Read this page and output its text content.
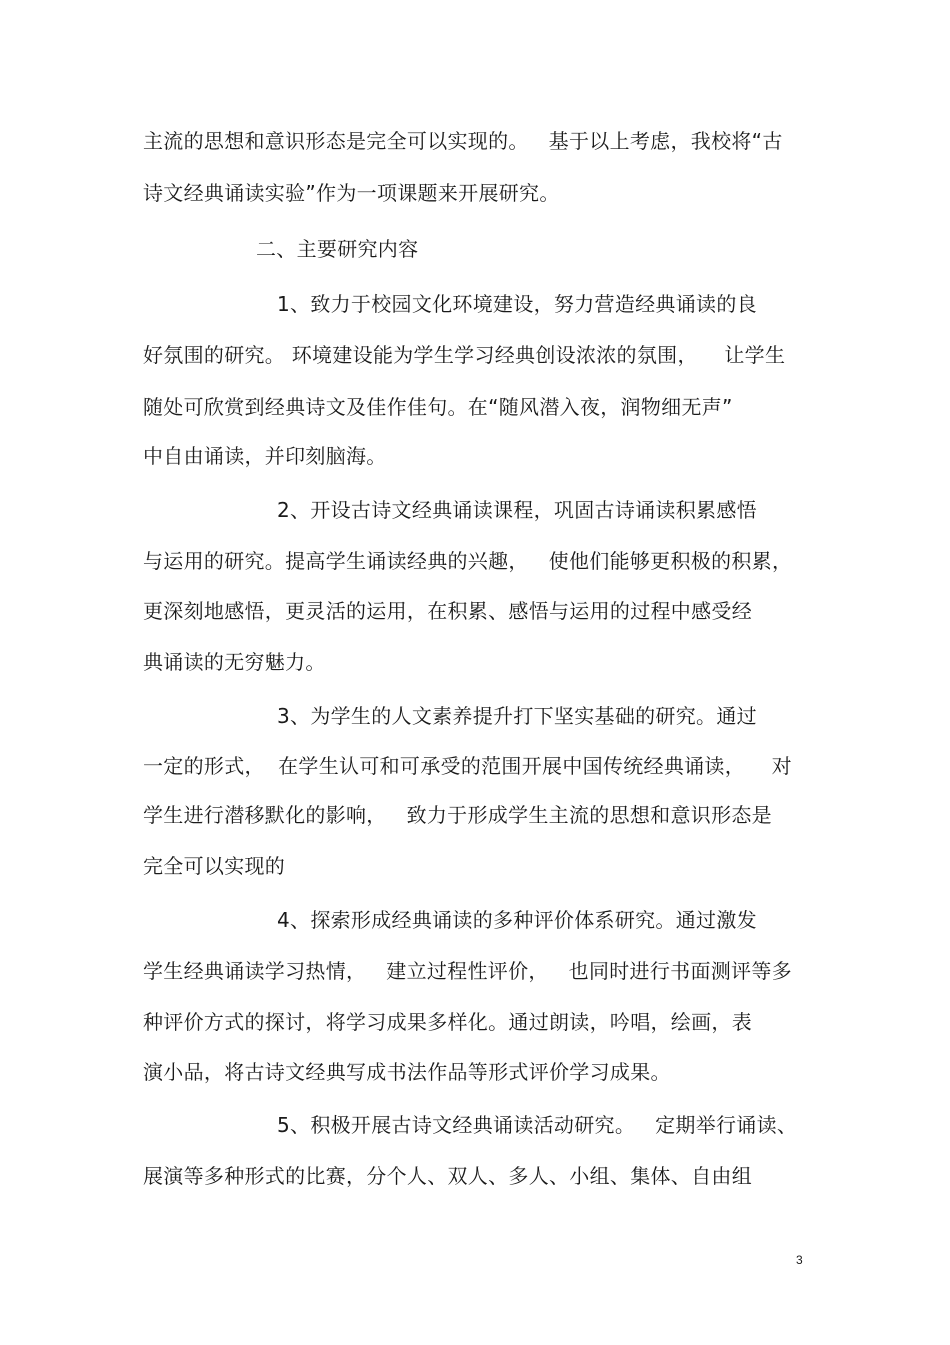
主流的思想和意识形态是完全可以实现的。   基于以上考虑，我校将“古
诗文经典诵读实验”作为一项课题来开展研究。
二、主要研究内容
1、致力于校园文化环境建设，努力营造经典诵读的良
好氛围的研究。 环境建设能为学生学习经典创设浓浓的氛围，    让学生
随处可欣赏到经典诗文及佳作佳句。在“随风潜入夜，润物细无声”
中自由诵读，并印刻脑海。
2、开设古诗文经典诵读课程，巩固古诗诵读积累感悟
与运用的研究。提高学生诵读经典的兴趣，   使他们能够更积极的积累，
更深刻地感悟，更灵活的运用，在积累、感悟与运用的过程中感受经
典诵读的无穷魅力。
3、为学生的人文素养提升打下坚实基础的研究。通过
一定的形式，  在学生认可和可承受的范围开展中国传统经典诵读，    对
学生进行潜移默化的影响，   致力于形成学生主流的思想和意识形态是
完全可以实现的
4、探索形成经典诵读的多种评价体系研究。通过激发
学生经典诵读学习热情，   建立过程性评价，   也同时进行书面测评等多
种评价方式的探讨，将学习成果多样化。通过朗读，吟唱，绘画，表
演小品，将古诗文经典写成书法作品等形式评价学习成果。
5、积极开展古诗文经典诵读活动研究。   定期举行诵读、
展演等多种形式的比赛，分个人、双人、多人、小组、集体、自由组
3
